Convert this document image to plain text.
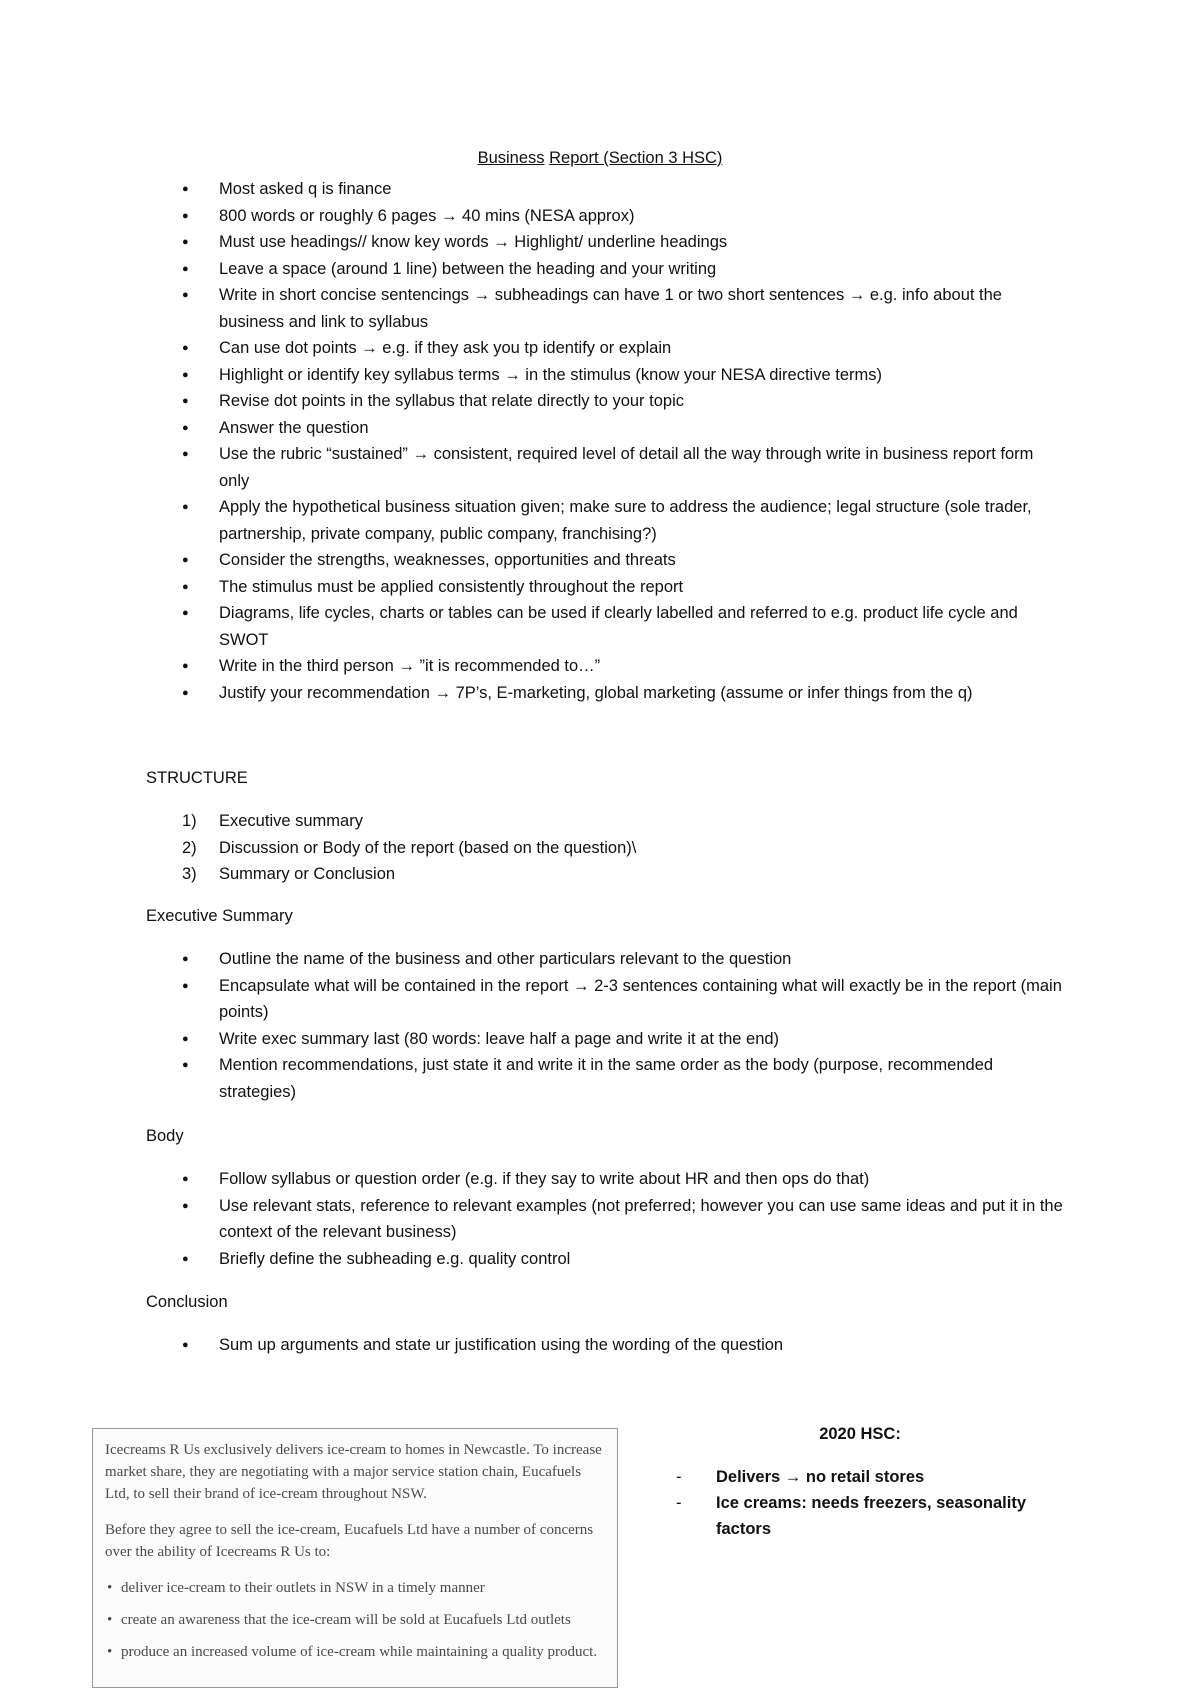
Business Report (Section 3 HSC)
● Most asked q is finance
● 800 words or roughly 6 pages → 40 mins (NESA approx)
● Must use headings// know key words → Highlight/ underline headings
● Leave a space (around 1 line) between the heading and your writing
● Write in short concise sentencings → subheadings can have 1 or two short sentences → e.g. info about the business and link to syllabus
● Can use dot points → e.g. if they ask you tp identify or explain
● Highlight or identify key syllabus terms → in the stimulus (know your NESA directive terms)
● Revise dot points in the syllabus that relate directly to your topic
● Answer the question
● Use the rubric “sustained” → consistent, required level of detail all the way through write in business report form only
● Apply the hypothetical business situation given; make sure to address the audience; legal structure (sole trader, partnership, private company, public company, franchising?)
● Consider the strengths, weaknesses, opportunities and threats
● The stimulus must be applied consistently throughout the report
● Diagrams, life cycles, charts or tables can be used if clearly labelled and referred to e.g. product life cycle and SWOT
● Write in the third person → ”it is recommended to…”
● Justify your recommendation → 7P’s, E-marketing, global marketing (assume or infer things from the q)
STRUCTURE
1) Executive summary
2) Discussion or Body of the report (based on the question)\
3) Summary or Conclusion
Executive Summary
● Outline the name of the business and other particulars relevant to the question
● Encapsulate what will be contained in the report → 2-3 sentences containing what will exactly be in the report (main points)
● Write exec summary last (80 words: leave half a page and write it at the end)
● Mention recommendations, just state it and write it in the same order as the body (purpose, recommended strategies)
Body
● Follow syllabus or question order (e.g. if they say to write about HR and then ops do that)
● Use relevant stats, reference to relevant examples (not preferred; however you can use same ideas and put it in the context of the relevant business)
● Briefly define the subheading e.g. quality control
Conclusion
● Sum up arguments and state ur justification using the wording of the question

Icecreams R Us exclusively delivers ice-cream to homes in Newcastle. To increase market share, they are negotiating with a major service station chain, Eucafuels Ltd, to sell their brand of ice-cream throughout NSW.

Before they agree to sell the ice-cream, Eucafuels Ltd have a number of concerns over the ability of Icecreams R Us to:

• deliver ice-cream to their outlets in NSW in a timely manner
• create an awareness that the ice-cream will be sold at Eucafuels Ltd outlets
• produce an increased volume of ice-cream while maintaining a quality product.
2020 HSC:
- Delivers → no retail stores
- Ice creams: needs freezers, seasonality factors
